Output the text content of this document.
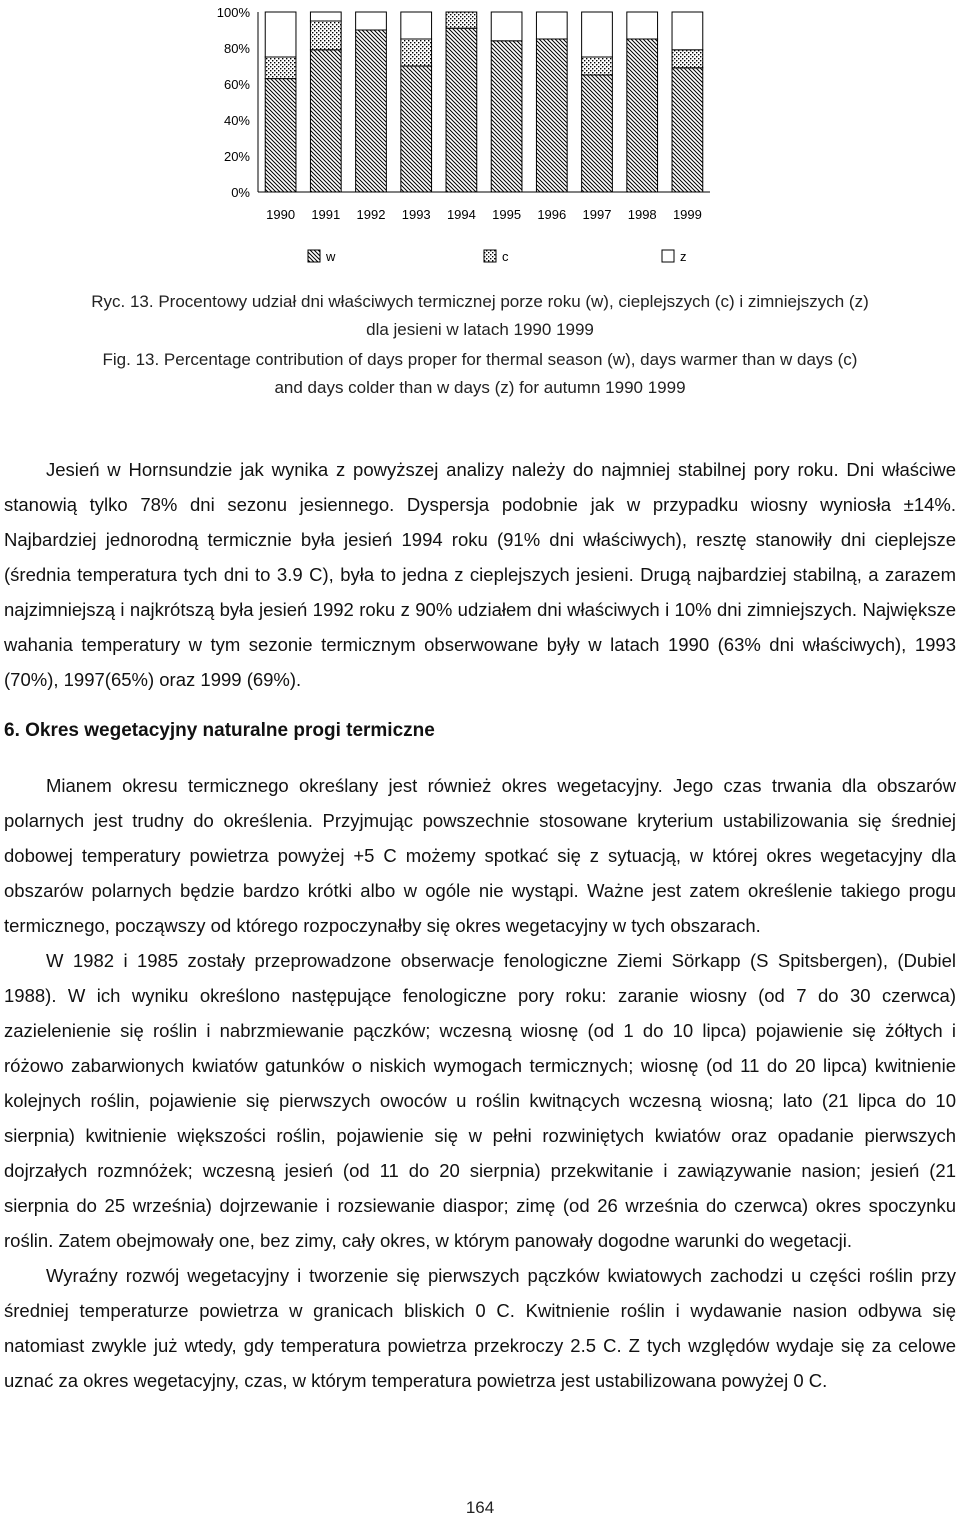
0%
20%
40%
60%
80%
100%
1990 1991 1992 1993 1994 1995 1996 1997 1998 1999
w	c	z
Ryc. 13. Procentowy udział dni właściwych termicznej porze roku (w), cieplejszych (c) i zimniejszych (z)
dla jesieni w latach 1990 1999
Fig. 13. Percentage contribution of days proper for thermal season (w), days warmer than w days (c)
and days colder than w days (z) for autumn 1990 1999

Jesień w Hornsundzie jak wynika z powyższej analizy należy do najmniej stabilnej pory roku. Dni właściwe stanowią tylko 78% dni sezonu jesiennego. Dyspersja podobnie jak w przypadku wiosny wyniosła ±14%. Najbardziej jednorodną termicznie była jesień 1994 roku (91% dni właściwych), resztę stanowiły dni cieplejsze (średnia temperatura tych dni to 3.9 C), była to jedna z cieplejszych jesieni. Drugą najbardziej stabilną, a zarazem najzimniejszą i najkrótszą była jesień 1992 roku z 90% udziałem dni właściwych i 10% dni zimniejszych. Największe wahania temperatury w tym sezonie termicznym obserwowane były w latach 1990 (63% dni właściwych), 1993 (70%), 1997(65%) oraz 1999 (69%).

6. Okres wegetacyjny naturalne progi termiczne

Mianem okresu termicznego określany jest również okres wegetacyjny. Jego czas trwania dla obszarów polarnych jest trudny do określenia. Przyjmując powszechnie stosowane kryterium ustabilizowania się średniej dobowej temperatury powietrza powyżej +5 C możemy spotkać się z sytuacją, w której okres wegetacyjny dla obszarów polarnych będzie bardzo krótki albo w ogóle nie wystąpi. Ważne jest zatem określenie takiego progu termicznego, począwszy od którego rozpoczynałby się okres wegetacyjny w tych obszarach.

W 1982 i 1985 zostały przeprowadzone obserwacje fenologiczne Ziemi Sörkapp (S Spitsbergen), (Dubiel 1988). W ich wyniku określono następujące fenologiczne pory roku: zaranie wiosny (od 7 do 30 czerwca) zazielenienie się roślin i nabrzmiewanie pączków; wczesną wiosnę (od 1 do 10 lipca) pojawienie się żółtych i różowo zabarwionych kwiatów gatunków o niskich wymogach termicznych; wiosnę (od 11 do 20 lipca) kwitnienie kolejnych roślin, pojawienie się pierwszych owoców u roślin kwitnących wczesną wiosną; lato (21 lipca do 10 sierpnia) kwitnienie większości roślin, pojawienie się w pełni rozwiniętych kwiatów oraz opadanie pierwszych dojrzałych rozmnóżek; wczesną jesień (od 11 do 20 sierpnia) przekwitanie i zawiązywanie nasion; jesień (21 sierpnia do 25 września) dojrzewanie i rozsiewanie diaspor; zimę (od 26 września do czerwca) okres spoczynku roślin. Zatem obejmowały one, bez zimy, cały okres, w którym panowały dogodne warunki do wegetacji.

Wyraźny rozwój wegetacyjny i tworzenie się pierwszych pączków kwiatowych zachodzi u części roślin przy średniej temperaturze powietrza w granicach bliskich 0 C. Kwitnienie roślin i wydawanie nasion odbywa się natomiast zwykle już wtedy, gdy temperatura powietrza przekroczy 2.5 C. Z tych względów wydaje się za celowe uznać za okres wegetacyjny, czas, w którym temperatura powietrza jest ustabilizowana powyżej 0 C.

164
